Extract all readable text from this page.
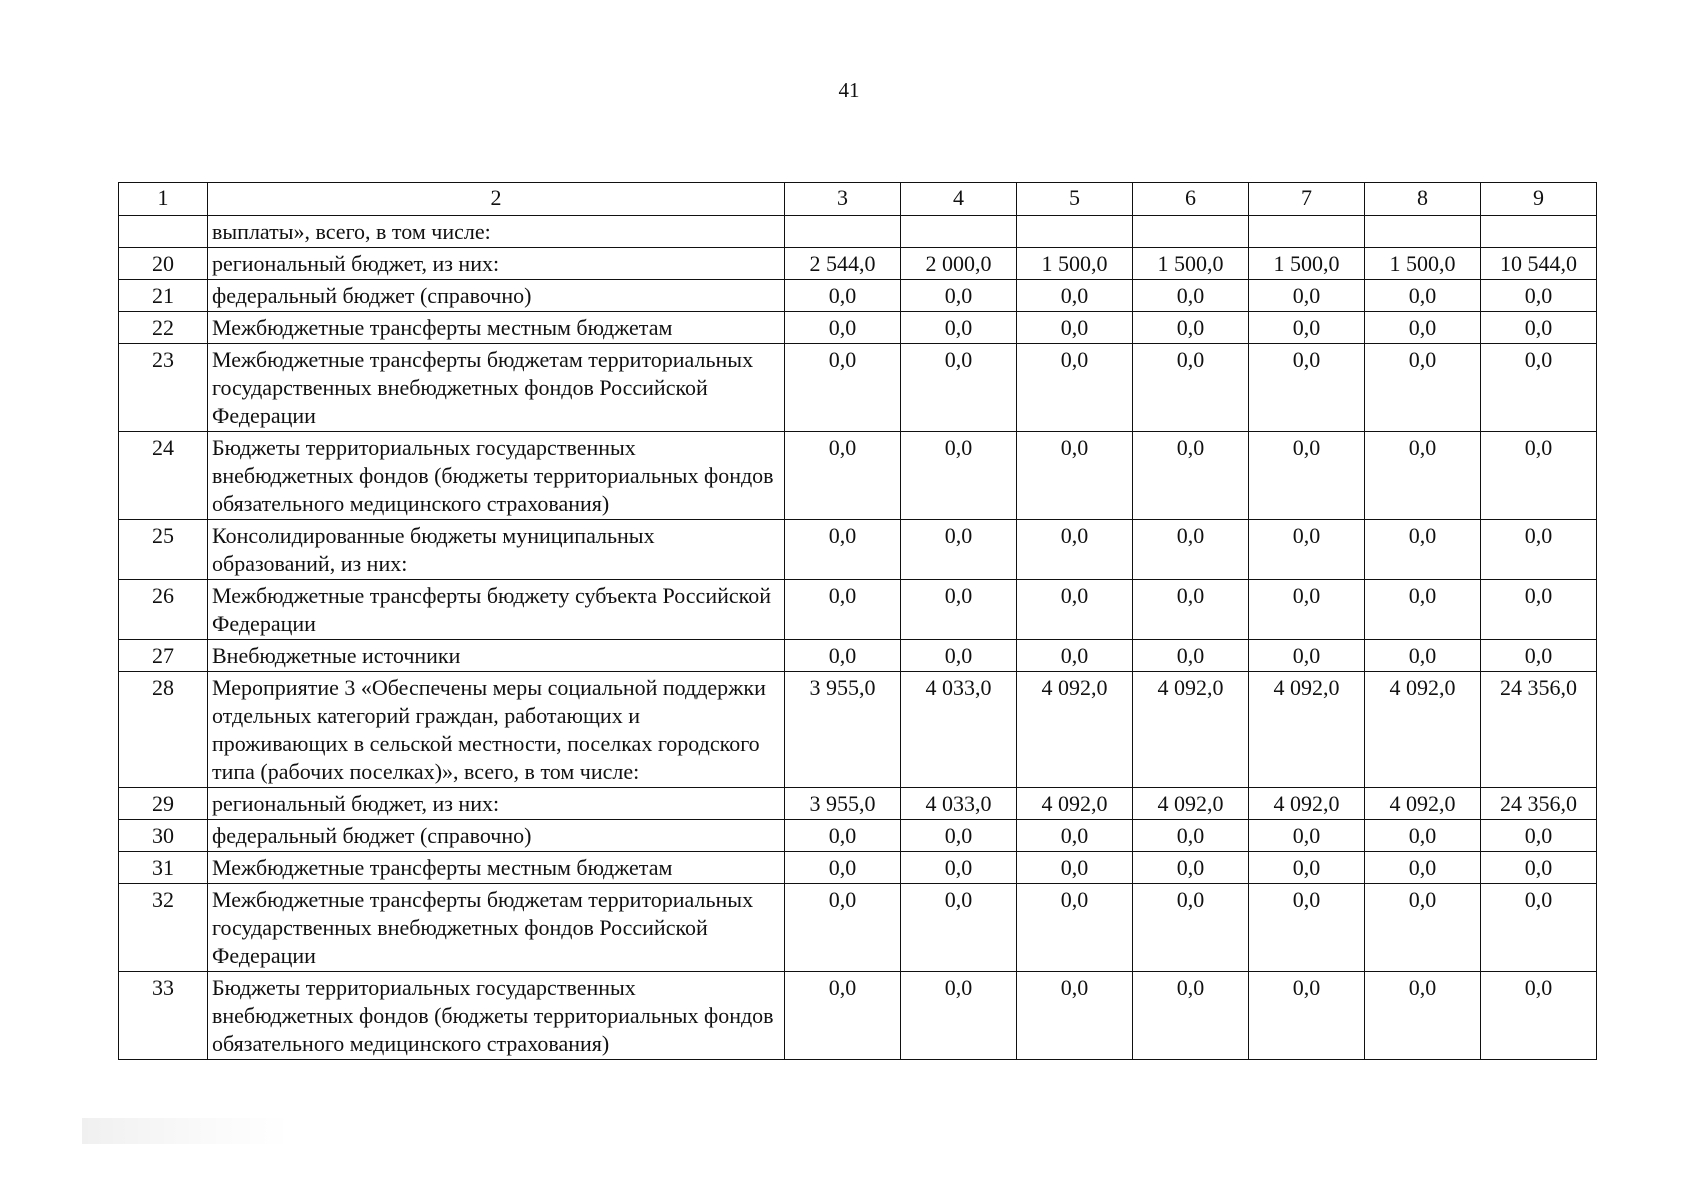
41
1	2	3	4	5	6	7	8	9
	выплаты», всего, в том числе:							
20	региональный бюджет, из них:	2 544,0	2 000,0	1 500,0	1 500,0	1 500,0	1 500,0	10 544,0
21	федеральный бюджет (справочно)	0,0	0,0	0,0	0,0	0,0	0,0	0,0
22	Межбюджетные трансферты местным бюджетам	0,0	0,0	0,0	0,0	0,0	0,0	0,0
23	Межбюджетные трансферты бюджетам территориальных государственных внебюджетных фондов Российской Федерации	0,0	0,0	0,0	0,0	0,0	0,0	0,0
24	Бюджеты территориальных государственных внебюджетных фондов (бюджеты территориальных фондов обязательного медицинского страхования)	0,0	0,0	0,0	0,0	0,0	0,0	0,0
25	Консолидированные бюджеты муниципальных образований, из них:	0,0	0,0	0,0	0,0	0,0	0,0	0,0
26	Межбюджетные трансферты бюджету субъекта Российской Федерации	0,0	0,0	0,0	0,0	0,0	0,0	0,0
27	Внебюджетные источники	0,0	0,0	0,0	0,0	0,0	0,0	0,0
28	Мероприятие 3 «Обеспечены меры социальной поддержки отдельных категорий граждан, работающих и проживающих в сельской местности, поселках городского типа (рабочих поселках)», всего, в том числе:	3 955,0	4 033,0	4 092,0	4 092,0	4 092,0	4 092,0	24 356,0
29	региональный бюджет, из них:	3 955,0	4 033,0	4 092,0	4 092,0	4 092,0	4 092,0	24 356,0
30	федеральный бюджет (справочно)	0,0	0,0	0,0	0,0	0,0	0,0	0,0
31	Межбюджетные трансферты местным бюджетам	0,0	0,0	0,0	0,0	0,0	0,0	0,0
32	Межбюджетные трансферты бюджетам территориальных государственных внебюджетных фондов Российской Федерации	0,0	0,0	0,0	0,0	0,0	0,0	0,0
33	Бюджеты территориальных государственных внебюджетных фондов (бюджеты территориальных фондов обязательного медицинского страхования)	0,0	0,0	0,0	0,0	0,0	0,0	0,0
